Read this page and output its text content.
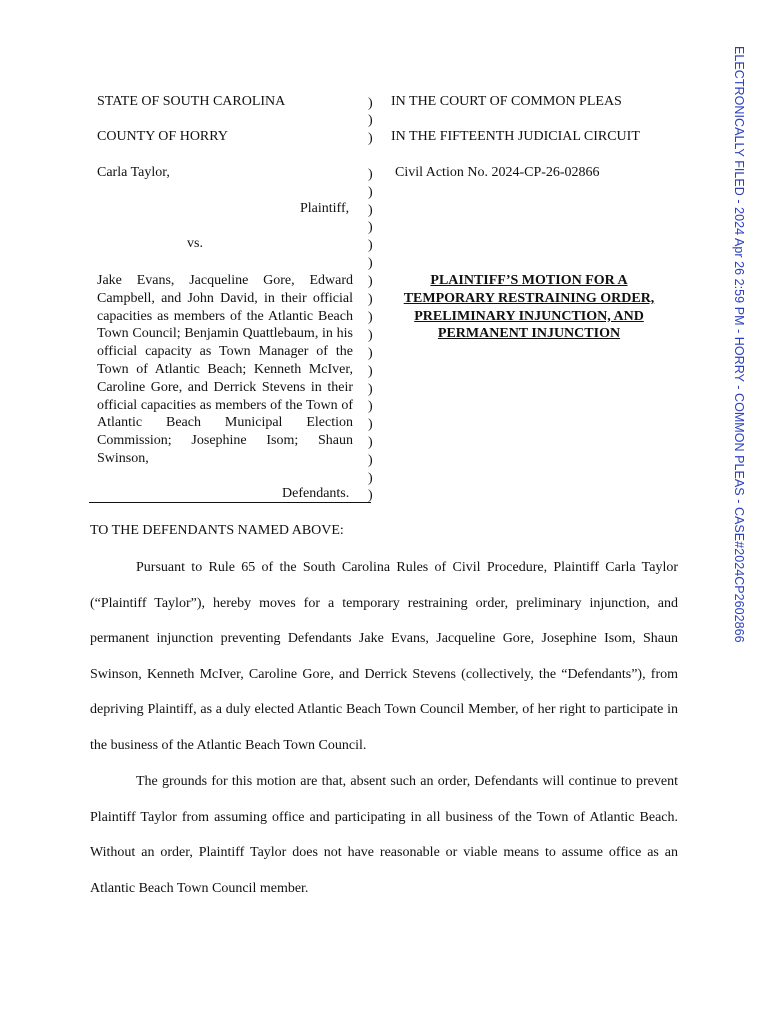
ELECTRONICALLY FILED - 2024 Apr 26 2:59 PM - HORRY - COMMON PLEAS - CASE#2024CP2602866
STATE OF SOUTH CAROLINA
COUNTY OF HORRY
IN THE COURT OF COMMON PLEAS
IN THE FIFTEENTH JUDICIAL CIRCUIT
Carla Taylor,	Civil Action No. 2024-CP-26-02866
Plaintiff,
vs.
Jake Evans, Jacqueline Gore, Edward Campbell, and John David, in their official capacities as members of the Atlantic Beach Town Council; Benjamin Quattlebaum, in his official capacity as Town Manager of the Town of Atlantic Beach; Kenneth McIver, Caroline Gore, and Derrick Stevens in their official capacities as members of the Town of Atlantic Beach Municipal Election Commission; Josephine Isom; Shaun Swinson,
Defendants.
)
)
)
)
)
)
)
)
)
)
)
)
)
)
)
)
)
)
)
)
)
)
PLAINTIFF’S MOTION FOR A TEMPORARY RESTRAINING ORDER, PRELIMINARY INJUNCTION, AND PERMANENT INJUNCTION
TO THE DEFENDANTS NAMED ABOVE:
Pursuant to Rule 65 of the South Carolina Rules of Civil Procedure, Plaintiff Carla Taylor (“Plaintiff Taylor”), hereby moves for a temporary restraining order, preliminary injunction, and permanent injunction preventing Defendants Jake Evans, Jacqueline Gore, Josephine Isom, Shaun Swinson, Kenneth McIver, Caroline Gore, and Derrick Stevens (collectively, the “Defendants”), from depriving Plaintiff, as a duly elected Atlantic Beach Town Council Member, of her right to participate in the business of the Atlantic Beach Town Council.
The grounds for this motion are that, absent such an order, Defendants will continue to prevent Plaintiff Taylor from assuming office and participating in all business of the Town of Atlantic Beach. Without an order, Plaintiff Taylor does not have reasonable or viable means to assume office as an Atlantic Beach Town Council member.
